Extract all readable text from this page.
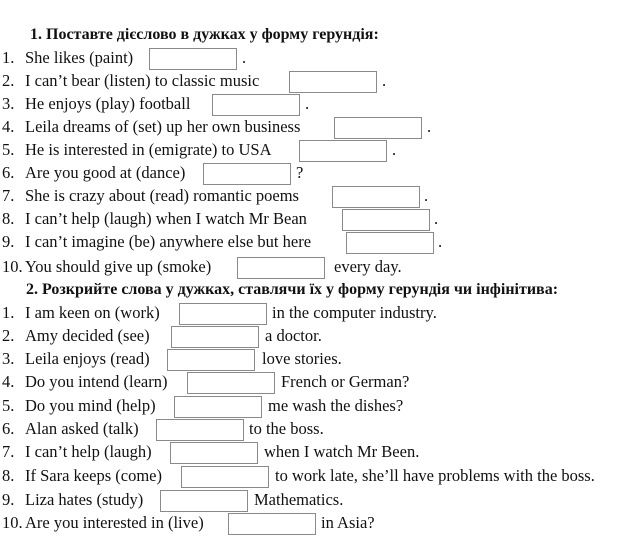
1. Поставте дієслово в дужках у форму герундія:
1. She likes (paint)	.
2. I can’t bear (listen) to classic music	.
3. He enjoys (play) football	.
4. Leila dreams of (set) up her own business	.
5. He is interested in (emigrate) to USA	.
6. Are you good at (dance)	?
7. She is crazy about (read) romantic poems	.
8. I can’t help (laugh) when I watch Mr Bean	.
9. I can’t imagine (be) anywhere else but here	.
10. You should give up (smoke)	every day.
2. Розкрийте слова у дужках, ставлячи їх у форму герундія чи інфінітива:
1. I am keen on (work)	in the computer industry.
2. Amy decided (see)	a doctor.
3. Leila enjoys (read)	love stories.
4. Do you intend (learn)	French or German?
5. Do you mind (help)	me wash the dishes?
6. Alan asked (talk)	to the boss.
7. I can’t help (laugh)	when I watch Mr Been.
8. If Sara keeps (come)	to work late, she’ll have problems with the boss.
9. Liza hates (study)	Mathematics.
10. Are you interested in (live)	in Asia?
